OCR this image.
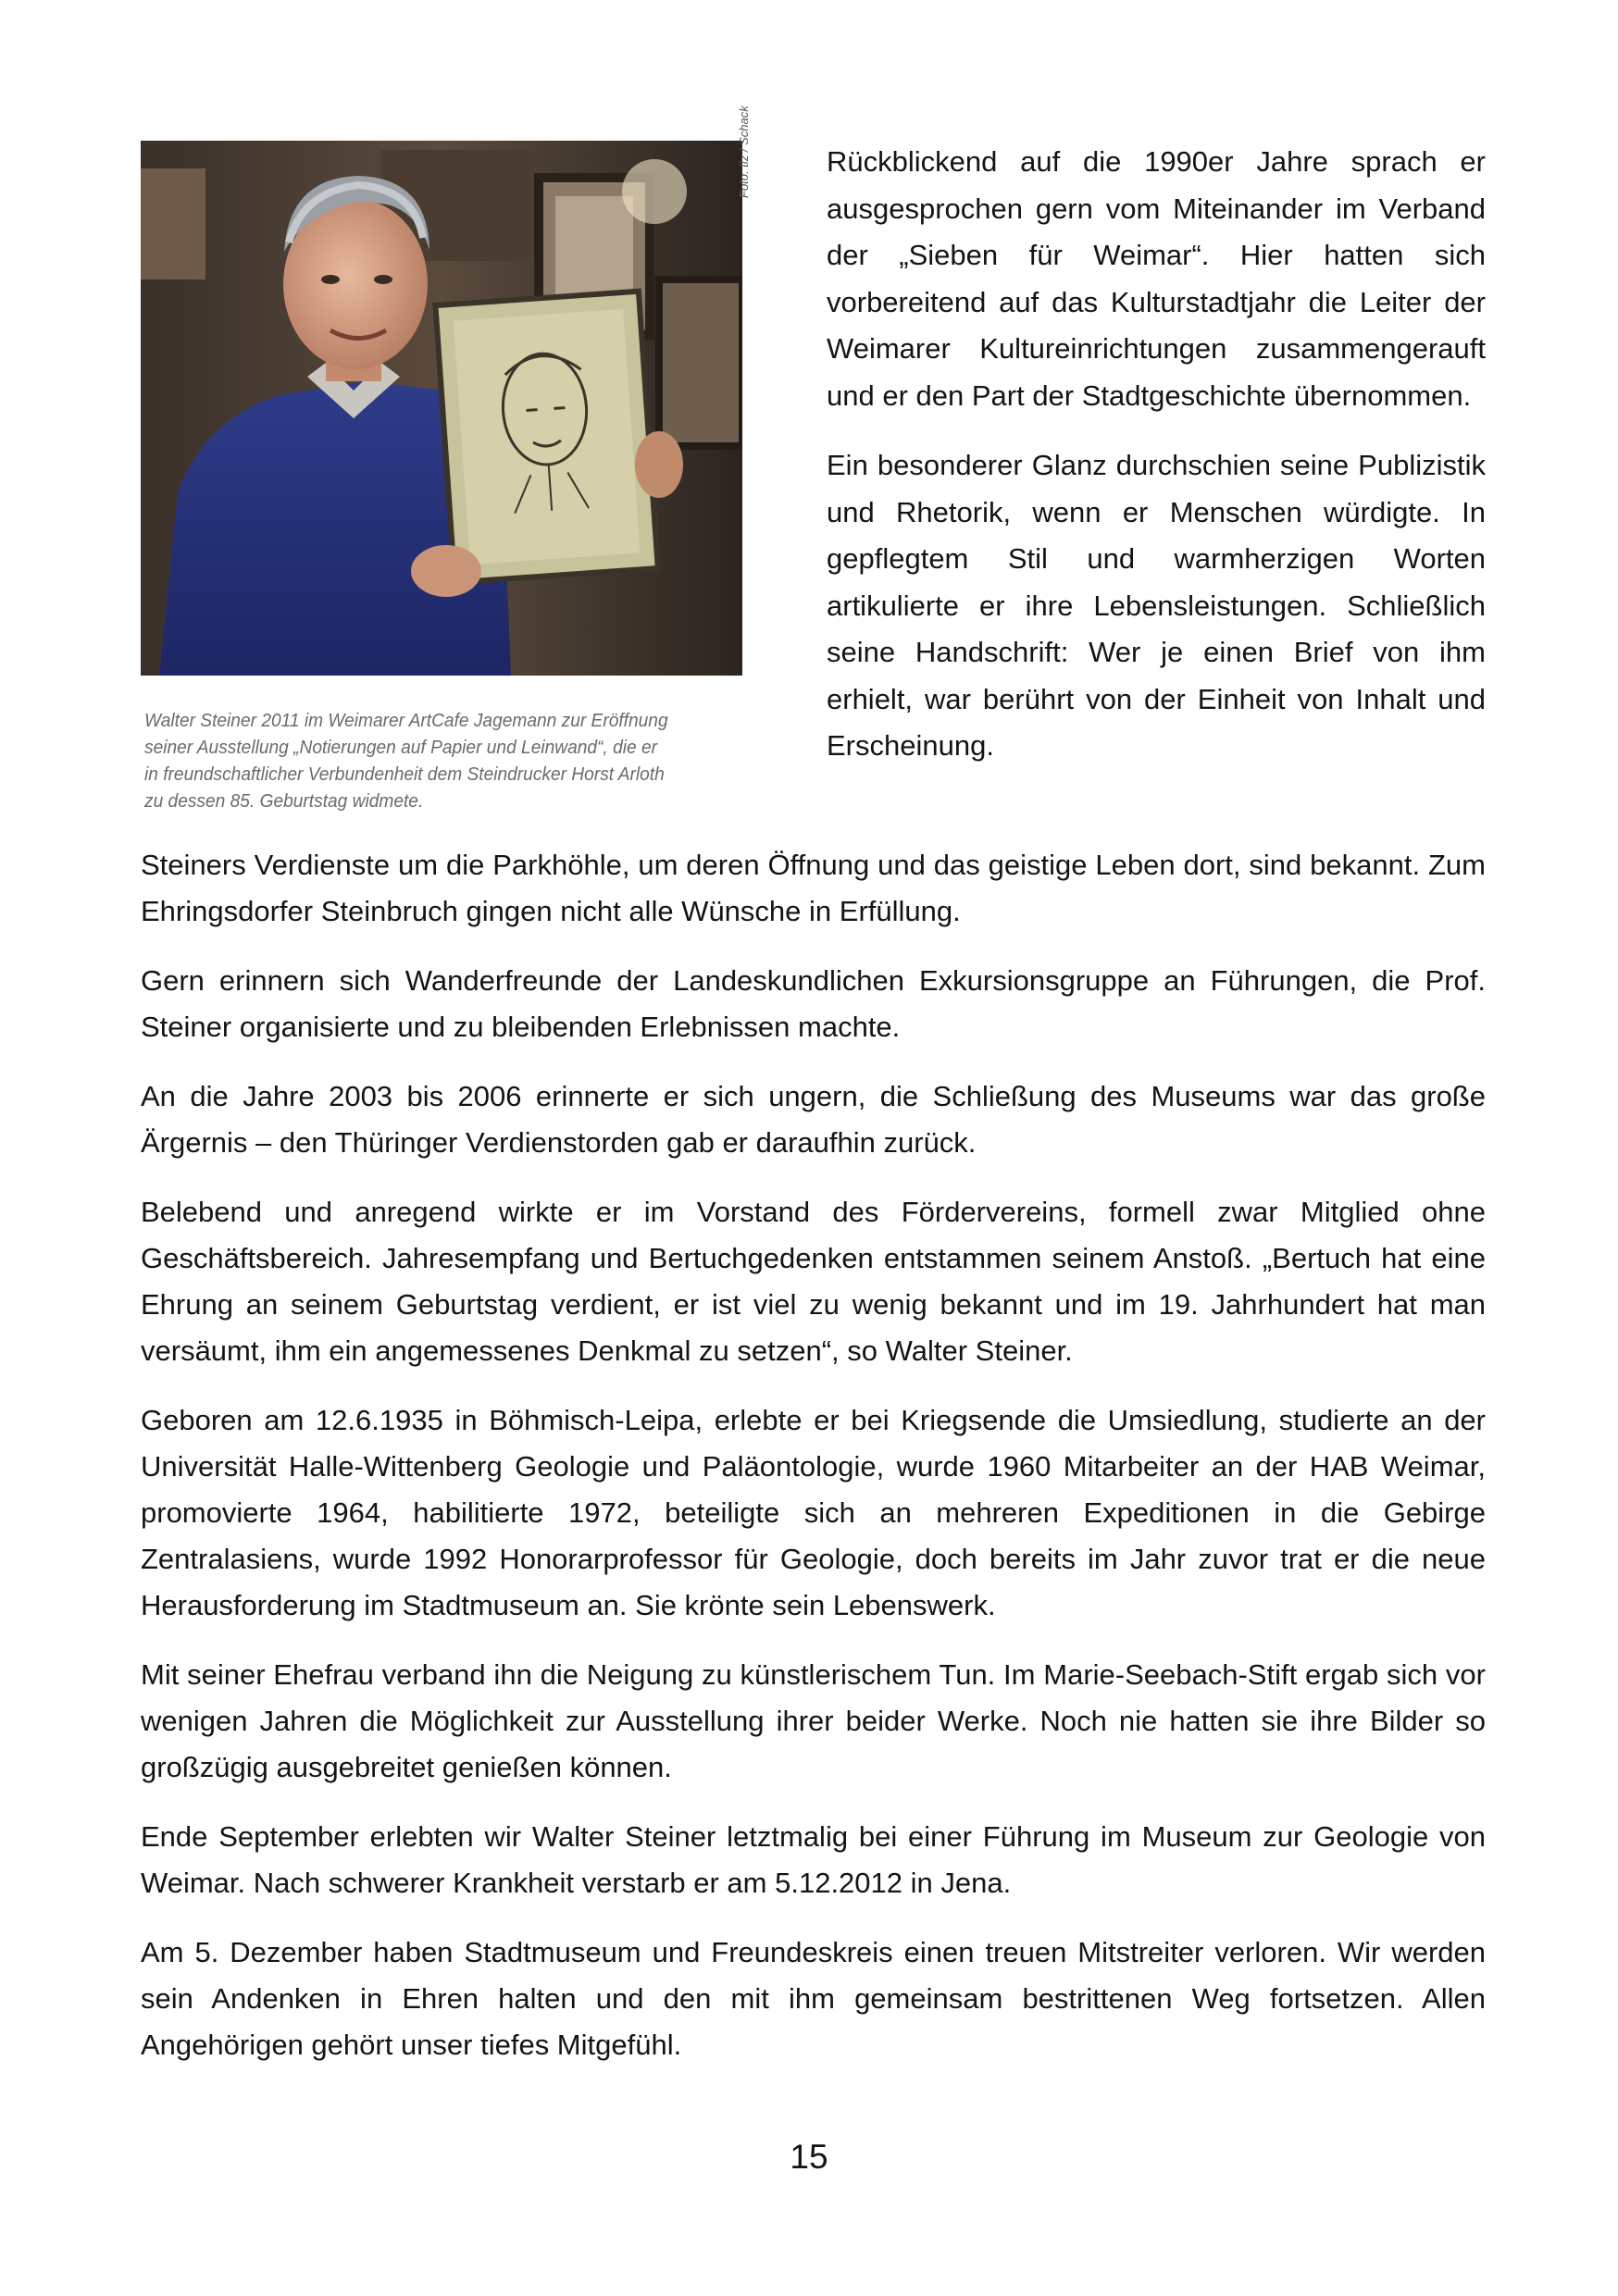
Foto: tlz / Schack
Walter Steiner 2011 im Weimarer ArtCafe Jagemann zur Eröffnung
seiner Ausstellung „Notierungen auf Papier und Leinwand“, die er
in freundschaftlicher Verbundenheit dem Steindrucker Horst Arloth
zu dessen 85. Geburtstag widmete.

Rückblickend auf die 1990er Jahre sprach er ausgesprochen gern vom Miteinander im Verband der „Sieben für Weimar“. Hier hatten sich vorbereitend auf das Kulturstadtjahr die Leiter der Weimarer Kultureinrichtungen zusammengerauft und er den Part der Stadtgeschichte übernommen.

Ein besonderer Glanz durchschien seine Publizistik und Rhetorik, wenn er Menschen würdigte. In gepflegtem Stil und warmherzigen Worten artikulierte er ihre Lebensleistungen. Schließlich seine Handschrift: Wer je einen Brief von ihm erhielt, war berührt von der Einheit von Inhalt und Erscheinung.

Steiners Verdienste um die Parkhöhle, um deren Öffnung und das geistige Leben dort, sind bekannt. Zum Ehringsdorfer Steinbruch gingen nicht alle Wünsche in Erfüllung.

Gern erinnern sich Wanderfreunde der Landeskundlichen Exkursionsgruppe an Führungen, die Prof. Steiner organisierte und zu bleibenden Erlebnissen machte.

An die Jahre 2003 bis 2006 erinnerte er sich ungern, die Schließung des Museums war das große Ärgernis – den Thüringer Verdienstorden gab er daraufhin zurück.

Belebend und anregend wirkte er im Vorstand des Fördervereins, formell zwar Mitglied ohne Geschäftsbereich. Jahresempfang und Bertuchgedenken entstammen seinem Anstoß. „Bertuch hat eine Ehrung an seinem Geburtstag verdient, er ist viel zu wenig bekannt und im 19. Jahrhundert hat man versäumt, ihm ein angemessenes Denkmal zu setzen“, so Walter Steiner.

Geboren am 12.6.1935 in Böhmisch-Leipa, erlebte er bei Kriegsende die Umsiedlung, studierte an der Universität Halle-Wittenberg Geologie und Paläontologie, wurde 1960 Mitarbeiter an der HAB Weimar, promovierte 1964, habilitierte 1972, beteiligte sich an mehreren Expeditionen in die Gebirge Zentralasiens, wurde 1992 Honorarprofessor für Geologie, doch bereits im Jahr zuvor trat er die neue Herausforderung im Stadtmuseum an. Sie krönte sein Lebenswerk.

Mit seiner Ehefrau verband ihn die Neigung zu künstlerischem Tun. Im Marie-Seebach-Stift ergab sich vor wenigen Jahren die Möglichkeit zur Ausstellung ihrer beider Werke. Noch nie hatten sie ihre Bilder so großzügig ausgebreitet genießen können.

Ende September erlebten wir Walter Steiner letztmalig bei einer Führung im Museum zur Geologie von Weimar. Nach schwerer Krankheit verstarb er am 5.12.2012 in Jena.

Am 5. Dezember haben Stadtmuseum und Freundeskreis einen treuen Mitstreiter verloren. Wir werden sein Andenken in Ehren halten und den mit ihm gemeinsam bestrittenen Weg fortsetzen. Allen Angehörigen gehört unser tiefes Mitgefühl.

15
